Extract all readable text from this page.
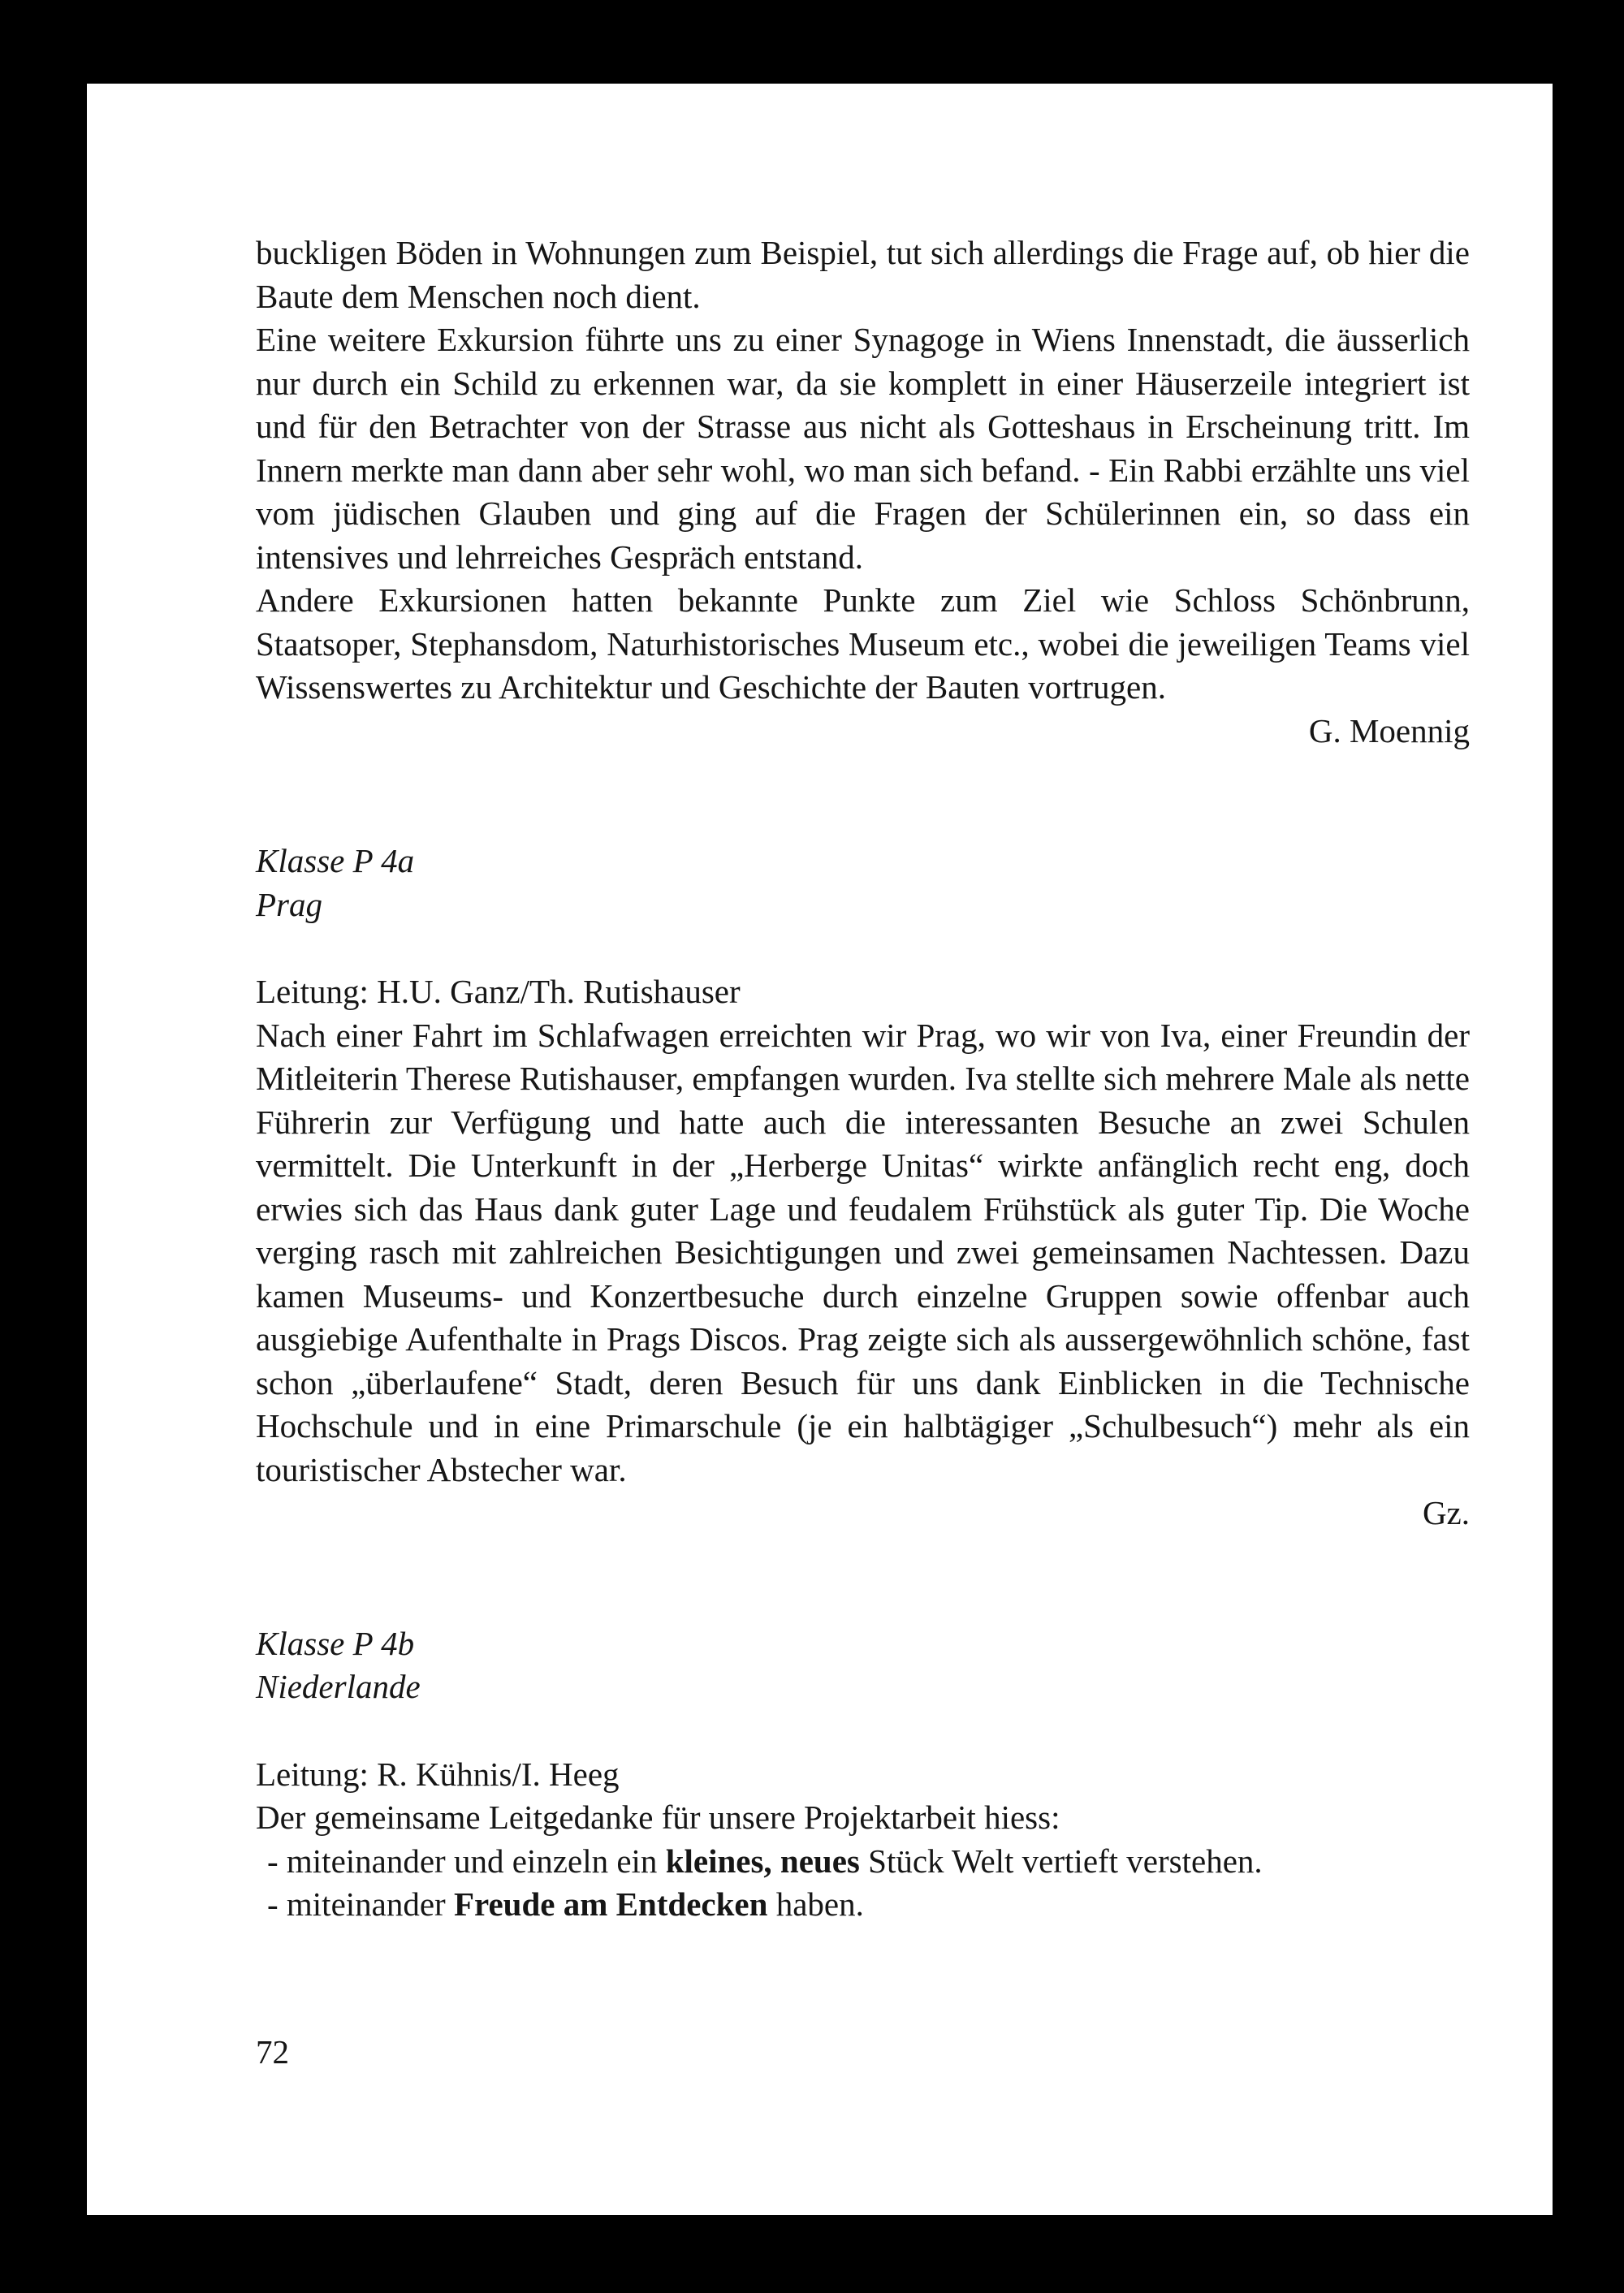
buckligen Böden in Wohnungen zum Beispiel, tut sich allerdings die Frage auf, ob hier die Baute dem Menschen noch dient.

Eine weitere Exkursion führte uns zu einer Synagoge in Wiens Innenstadt, die äusserlich nur durch ein Schild zu erkennen war, da sie komplett in einer Häuserzeile integriert ist und für den Betrachter von der Strasse aus nicht als Gotteshaus in Erscheinung tritt. Im Innern merkte man dann aber sehr wohl, wo man sich befand. - Ein Rabbi erzählte uns viel vom jüdischen Glauben und ging auf die Fragen der Schülerinnen ein, so dass ein intensives und lehrreiches Gespräch entstand.

Andere Exkursionen hatten bekannte Punkte zum Ziel wie Schloss Schönbrunn, Staatsoper, Stephansdom, Naturhistorisches Museum etc., wobei die jeweiligen Teams viel Wissenswertes zu Architektur und Geschichte der Bauten vortrugen.

G. Moennig

Klasse P 4a

Prag

Leitung: H.U. Ganz/Th. Rutishauser

Nach einer Fahrt im Schlafwagen erreichten wir Prag, wo wir von Iva, einer Freundin der Mitleiterin Therese Rutishauser, empfangen wurden. Iva stellte sich mehrere Male als nette Führerin zur Verfügung und hatte auch die interessanten Besuche an zwei Schulen vermittelt. Die Unterkunft in der „Herberge Unitas“ wirkte anfänglich recht eng, doch erwies sich das Haus dank guter Lage und feudalem Frühstück als guter Tip. Die Woche verging rasch mit zahlreichen Besichtigungen und zwei gemeinsamen Nachtessen. Dazu kamen Museums- und Konzertbesuche durch einzelne Gruppen sowie offenbar auch ausgiebige Aufenthalte in Prags Discos. Prag zeigte sich als aussergewöhnlich schöne, fast schon „überlaufene“ Stadt, deren Besuch für uns dank Einblicken in die Technische Hochschule und in eine Primarschule (je ein halbtägiger „Schulbesuch“) mehr als ein touristischer Abstecher war.

Gz.

Klasse P 4b

Niederlande

Leitung: R. Kühnis/I. Heeg

Der gemeinsame Leitgedanke für unsere Projektarbeit hiess:

- miteinander und einzeln ein kleines, neues Stück Welt vertieft verstehen.
- miteinander Freude am Entdecken haben.
72
